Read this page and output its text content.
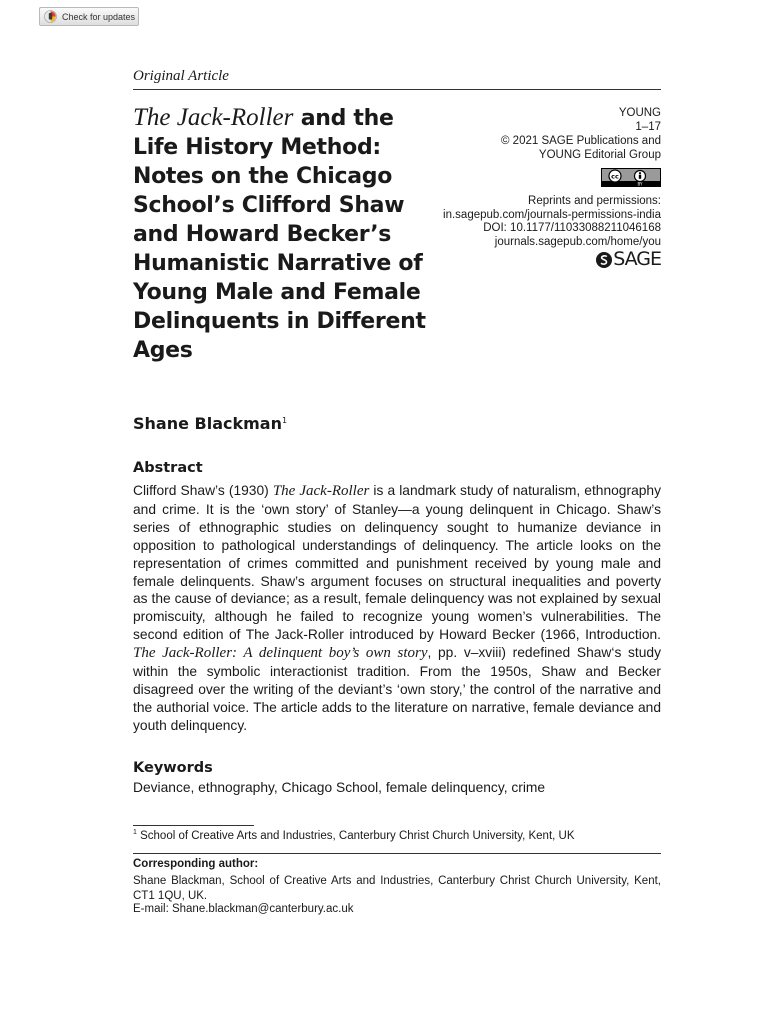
Check for updates
Original Article
The Jack-Roller and the Life History Method: Notes on the Chicago School’s Clifford Shaw and Howard Becker’s Humanistic Narrative of Young Male and Female Delinquents in Different Ages
YOUNG
1–17
© 2021 SAGE Publications and
YOUNG Editorial Group
cc
BY
Reprints and permissions:
in.sagepub.com/journals-permissions-india
DOI: 10.1177/11033088211046168
journals.sagepub.com/home/you
SAGE
Shane Blackman$^1$
Abstract

Clifford Shaw’s (1930) The Jack-Roller is a landmark study of naturalism, ethnography and crime. It is the ‘own story’ of Stanley—a young delinquent in Chicago. Shaw’s series of ethnographic studies on delinquency sought to humanize deviance in opposition to pathological understandings of delinquency. The article looks on the representation of crimes committed and punishment received by young male and female delinquents. Shaw’s argument focuses on structural inequalities and poverty as the cause of deviance; as a result, female delinquency was not explained by sexual promiscuity, although he failed to recognize young women’s vulnerabilities. The second edition of The Jack-Roller introduced by Howard Becker (1966, Introduction. The Jack-Roller: A delinquent boy’s own story, pp. v–xviii) redefined Shaw‘s study within the symbolic interactionist tradition. From the 1950s, Shaw and Becker disagreed over the writing of the deviant’s ‘own story,’ the control of the narrative and the authorial voice. The article adds to the literature on narrative, female deviance and youth delinquency.

Keywords
Deviance, ethnography, Chicago School, female delinquency, crime
$^1$ School of Creative Arts and Industries, Canterbury Christ Church University, Kent, UK
Corresponding author:

Shane Blackman, School of Creative Arts and Industries, Canterbury Christ Church University, Kent, CT1 1QU, UK.

E-mail: Shane.blackman@canterbury.ac.uk
